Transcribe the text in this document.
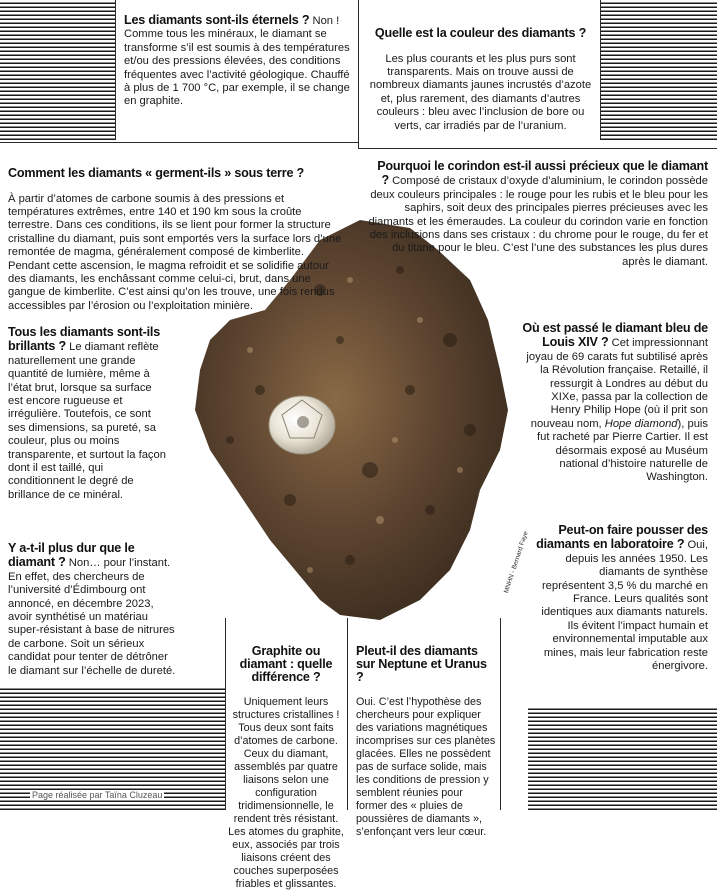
MNHN - Bernard Faye
Les diamants sont-ils éternels ? Non ! Comme tous les minéraux, le diamant se transforme s’il est soumis à des températures et/ou des pressions élevées, des conditions fréquentes avec l’activité géologique. Chauffé à plus de 1 700 °C, par exemple, il se change en graphite.
Quelle est la couleur des diamants ?
Les plus courants et les plus purs sont transparents. Mais on trouve aussi de nombreux diamants jaunes incrustés d’azote et, plus rarement, des diamants d’autres couleurs : bleu avec l’inclusion de bore ou verts, car irradiés par de l’uranium.
Comment les diamants « germent-ils » sous terre ?
À partir d’atomes de carbone soumis à des pressions et températures extrêmes, entre 140 et 190 km sous la croûte terrestre. Dans ces conditions, ils se lient pour former la structure cristalline du diamant, puis sont emportés vers la surface lors d’une remontée de magma, généralement composé de kimberlite. Pendant cette ascension, le magma refroidit et se solidifie autour des diamants, les enchâssant comme celui-ci, brut, dans une gangue de kimberlite. C’est ainsi qu’on les trouve, une fois rendus accessibles par l’érosion ou l’exploitation minière.
Pourquoi le corindon est-il aussi précieux que le diamant ? Composé de cristaux d’oxyde d’aluminium, le corindon possède deux couleurs principales : le rouge pour les rubis et le bleu pour les saphirs, soit deux des principales pierres précieuses avec les diamants et les émeraudes. La couleur du corindon varie en fonction des inclusions dans ses cristaux : du chrome pour le rouge, du fer et du titane pour le bleu. C’est l’une des substances les plus dures après le diamant.
Tous les diamants sont-ils brillants ? Le diamant reflète naturellement une grande quantité de lumière, même à l’état brut, lorsque sa surface est encore rugueuse et irrégulière. Toutefois, ce sont ses dimensions, sa pureté, sa couleur, plus ou moins transparente, et surtout la façon dont il est taillé, qui conditionnent le degré de brillance de ce minéral.
Où est passé le diamant bleu de Louis XIV ? Cet impressionnant joyau de 69 carats fut subtilisé après la Révolution française. Retaillé, il ressurgit à Londres au début du XIXe, passa par la collection de Henry Philip Hope (où il prit son nouveau nom, Hope diamond), puis fut racheté par Pierre Cartier. Il est désormais exposé au Muséum national d’histoire naturelle de Washington.
Y a-t-il plus dur que le diamant ? Non… pour l’instant. En effet, des chercheurs de l’université d’Édimbourg ont annoncé, en décembre 2023, avoir synthétisé un matériau super-résistant à base de nitrures de carbone. Soit un sérieux candidat pour tenter de détrôner le diamant sur l’échelle de dureté.
Peut-on faire pousser des diamants en laboratoire ? Oui, depuis les années 1950. Les diamants de synthèse représentent 3,5 % du marché en France. Leurs qualités sont identiques aux diamants naturels. Ils évitent l’impact humain et environnemental imputable aux mines, mais leur fabrication reste énergivore.
Graphite ou diamant : quelle différence ?
Uniquement leurs structures cristallines ! Tous deux sont faits d’atomes de carbone. Ceux du diamant, assemblés par quatre liaisons selon une configuration tridimensionnelle, le rendent très résistant. Les atomes du graphite, eux, associés par trois liaisons créent des couches superposées friables et glissantes.
Pleut-il des diamants sur Neptune et Uranus ?
Oui. C’est l’hypothèse des chercheurs pour expliquer des variations magnétiques incomprises sur ces planètes glacées. Elles ne possèdent pas de surface solide, mais les conditions de pression y semblent réunies pour former des « pluies de poussières de diamants », s’enfonçant vers leur cœur.
Page réalisée par Taïna Cluzeau
